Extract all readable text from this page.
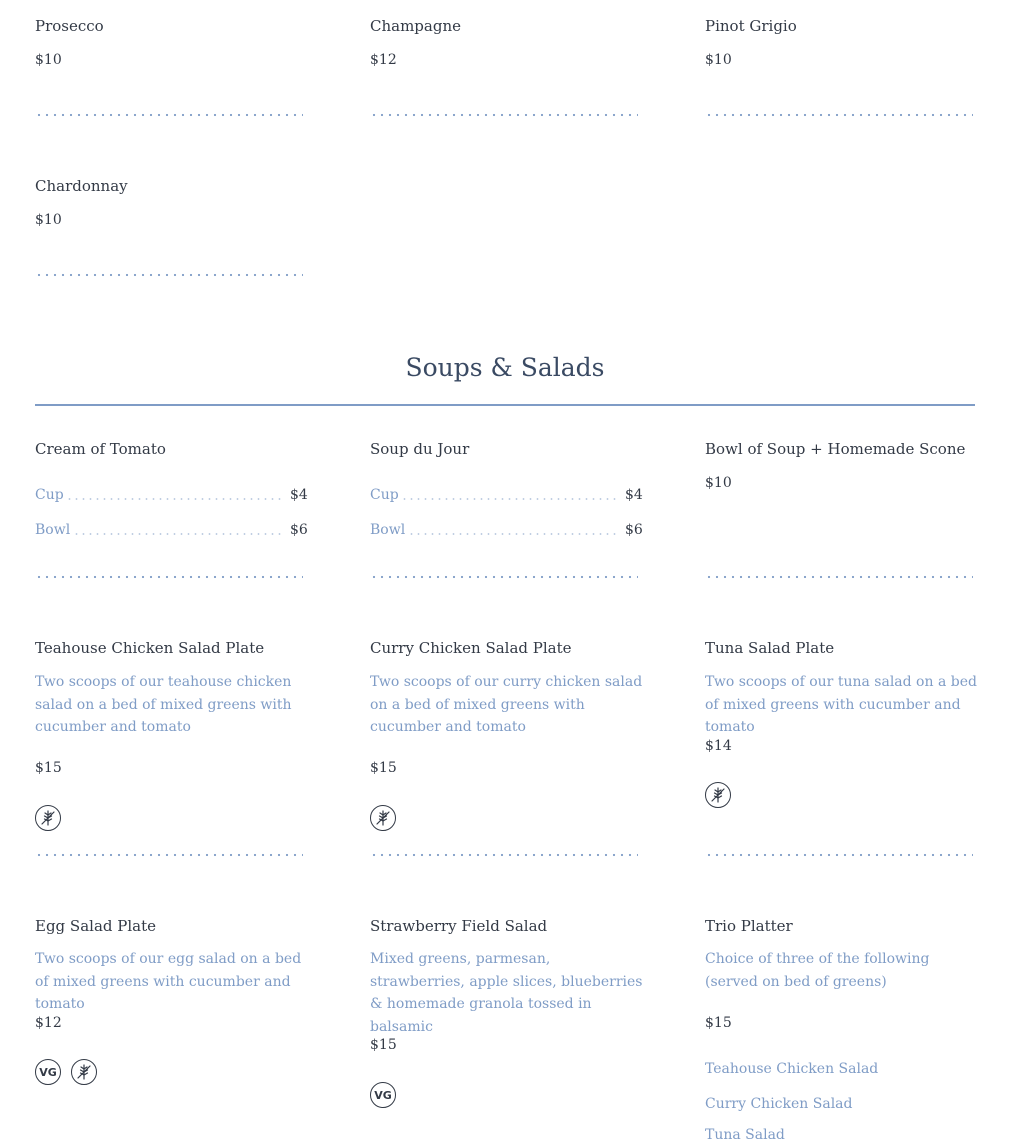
Prosecco
$10
Champagne
$12
Pinot Grigio
$10
Chardonnay
$10
Soups & Salads
Cream of Tomato
Cup	$4
Bowl	$6
Soup du Jour
Cup	$4
Bowl	$6
Bowl of Soup + Homemade Scone
$10
Teahouse Chicken Salad Plate
Two scoops of our teahouse chicken salad on a bed of mixed greens with cucumber and tomato
$15
Curry Chicken Salad Plate
Two scoops of our curry chicken salad on a bed of mixed greens with cucumber and tomato
$15
Tuna Salad Plate
Two scoops of our tuna salad on a bed of mixed greens with cucumber and tomato
$14
Egg Salad Plate
Two scoops of our egg salad on a bed of mixed greens with cucumber and tomato
$12
VG
Strawberry Field Salad
Mixed greens, parmesan, strawberries, apple slices, blueberries & homemade granola tossed in balsamic
$15
VG
Trio Platter
Choice of three of the following (served on bed of greens)
$15
Teahouse Chicken Salad
Curry Chicken Salad
Tuna Salad
